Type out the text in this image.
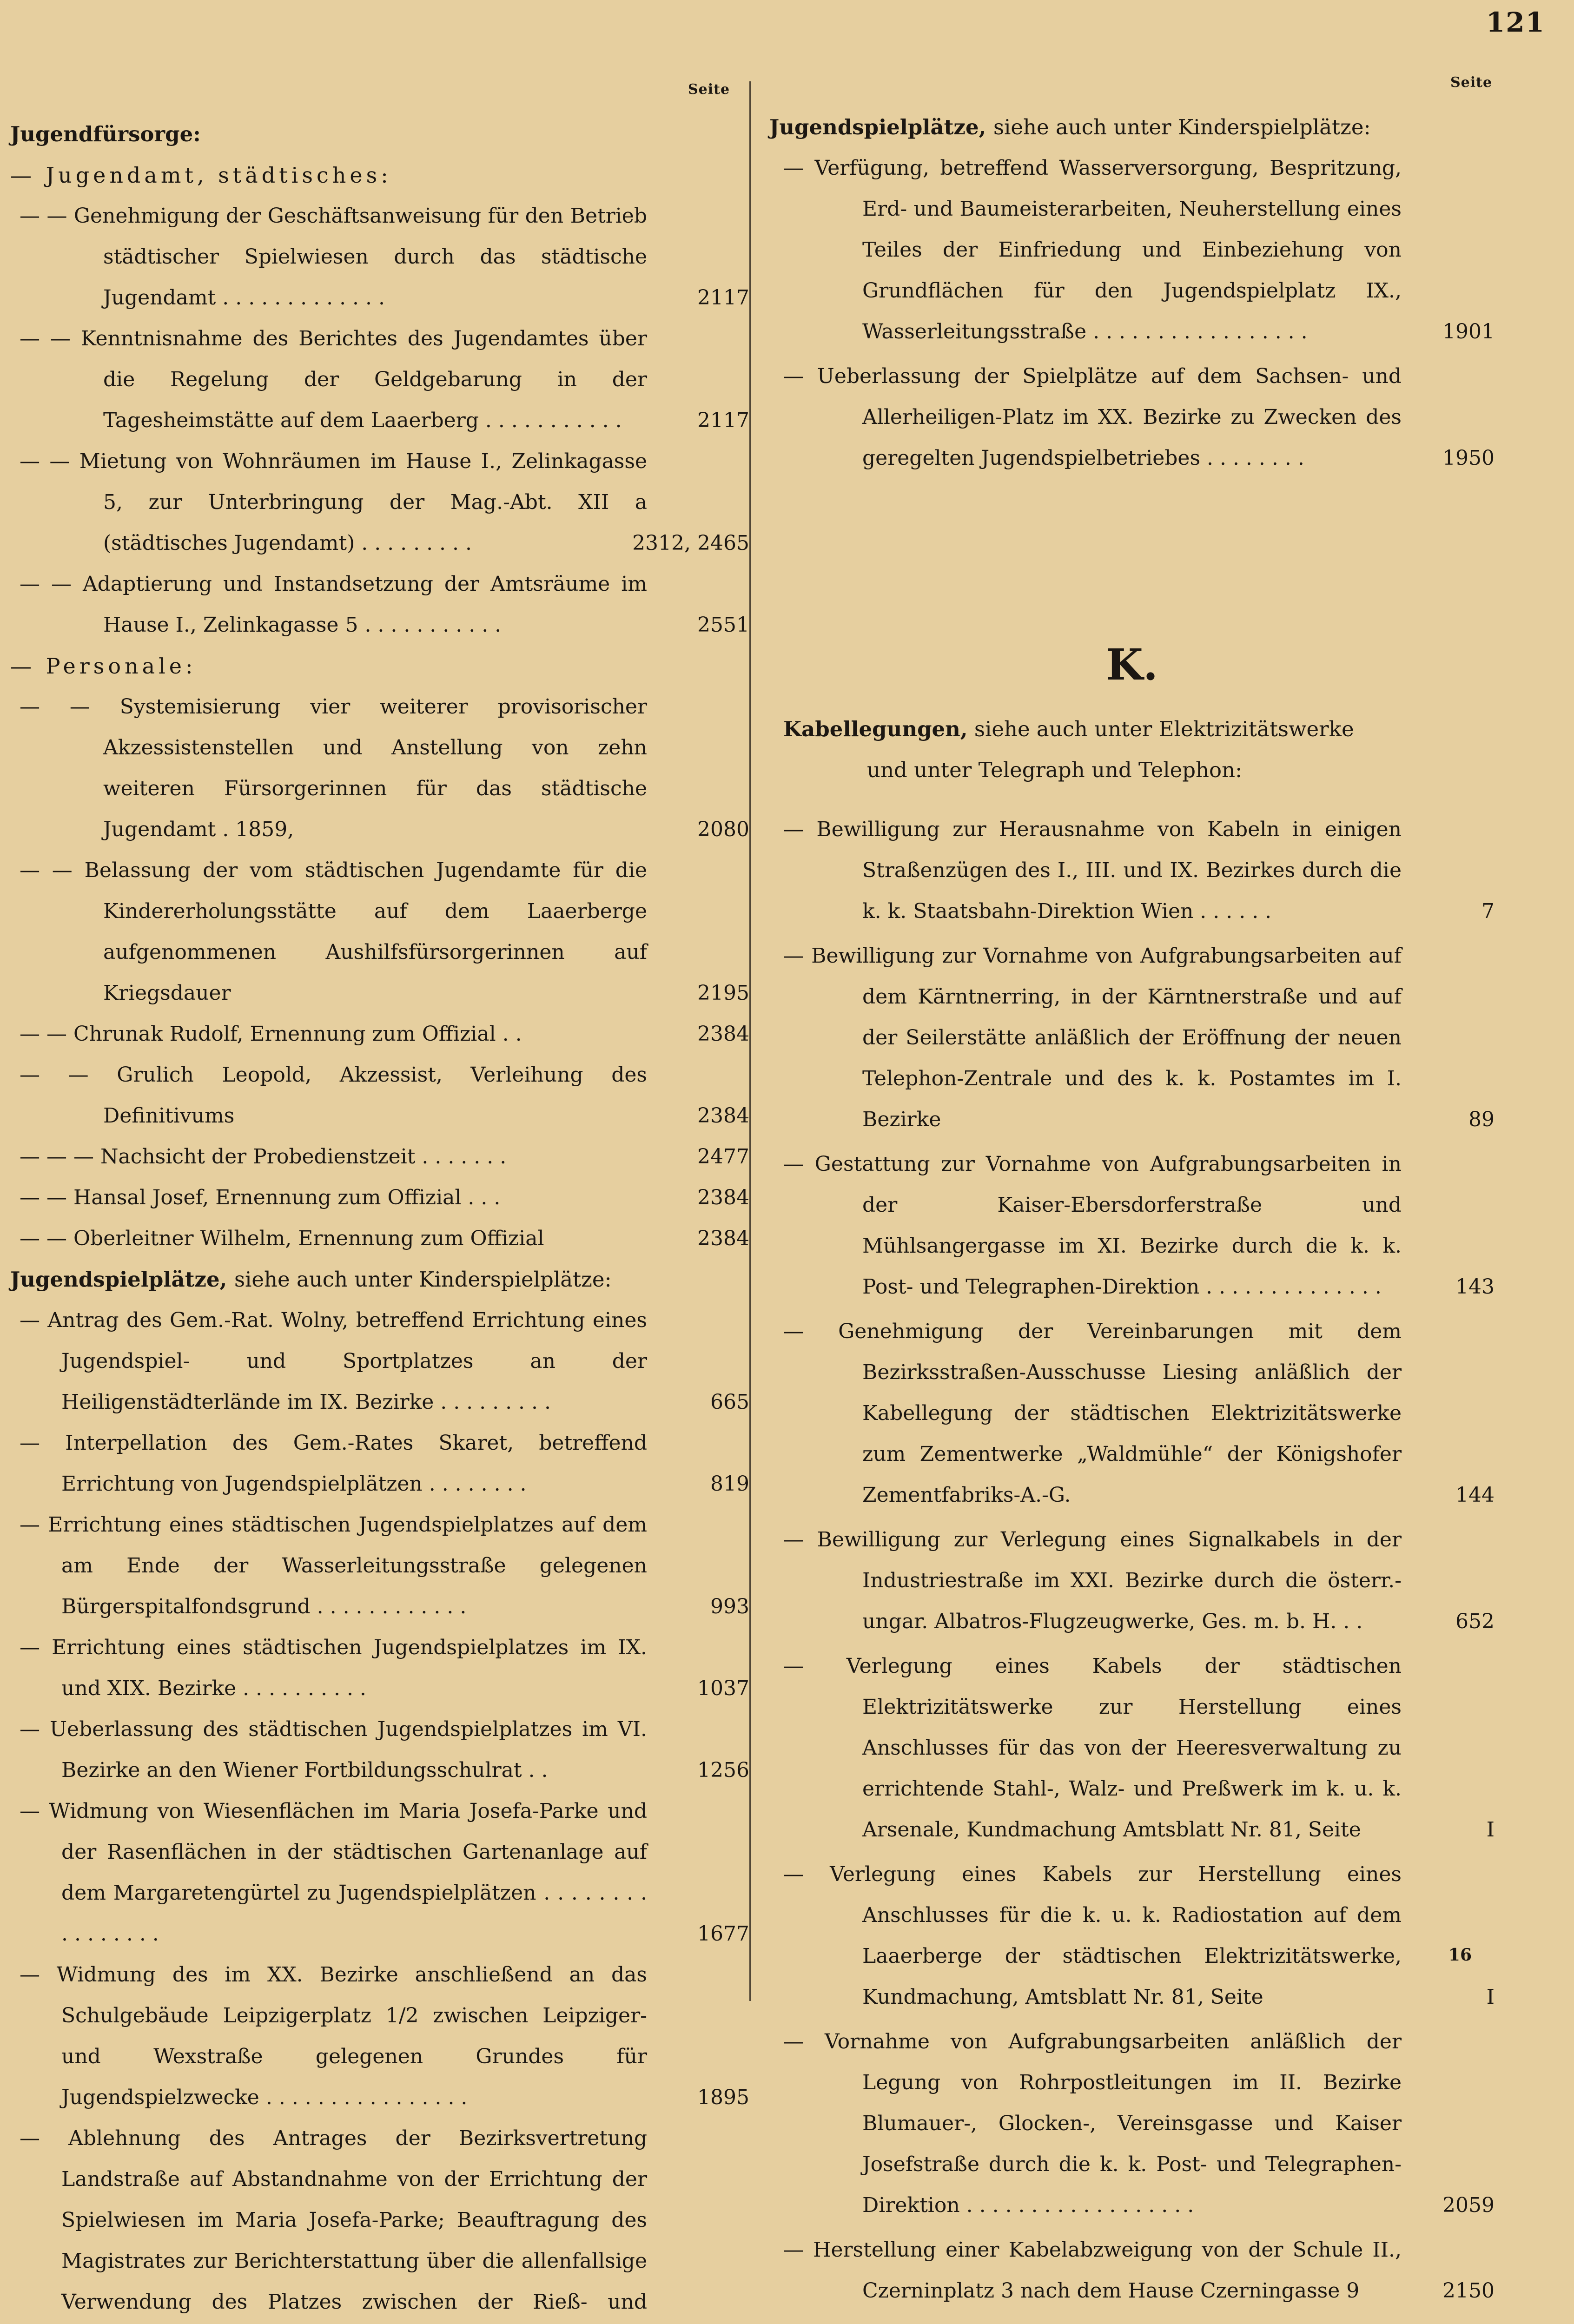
121
Seite	Seite

Jugendfürsorge:

— Jugendamt, städtisches:

— — Genehmigung der Geschäftsanweisung für den Betrieb städtischer Spielwiesen durch das städtische Jugendamt . . . . . . . . . . . . .	2117
— — Kenntnisnahme des Berichtes des Jugendamtes über die Regelung der Geldgebarung in der Tagesheimstätte auf dem Laaerberg . . . . . . . . . . .	2117
— — Mietung von Wohnräumen im Hause I., Zelinkagasse 5, zur Unterbringung der Mag.-Abt. XII a (städtisches Jugendamt) . . . . . . . . .	2312, 2465
— — Adaptierung und Instandsetzung der Amtsräume im Hause I., Zelinkagasse 5 . . . . . . . . . . .	2551

— Personale:

— — Systemisierung vier weiterer provisorischer Akzessistenstellen und Anstellung von zehn weiteren Fürsorgerinnen für das städtische Jugendamt . 1859,	2080
— — Belassung der vom städtischen Jugendamte für die Kindererholungsstätte auf dem Laaerberge aufgenommenen Aushilfsfürsorgerinnen auf Kriegsdauer	2195
— — Chrunak Rudolf, Ernennung zum Offizial . .	2384
— — Grulich Leopold, Akzessist, Verleihung des Definitivums	2384
— — — Nachsicht der Probedienstzeit . . . . . . .	2477
— — Hansal Josef, Ernennung zum Offizial . . .	2384
— — Oberleitner Wilhelm, Ernennung zum Offizial	2384

Jugendspielplätze, siehe auch unter Kinderspielplätze:

— Antrag des Gem.-Rat. Wolny, betreffend Errichtung eines Jugendspiel- und Sportplatzes an der Heiligenstädterlände im IX. Bezirke . . . . . . . . .	665
— Interpellation des Gem.-Rates Skaret, betreffend Errichtung von Jugendspielplätzen . . . . . . . .	819
— Errichtung eines städtischen Jugendspielplatzes auf dem am Ende der Wasserleitungsstraße gelegenen Bürgerspitalfondsgrund . . . . . . . . . . . .	993
— Errichtung eines städtischen Jugendspielplatzes im IX. und XIX. Bezirke . . . . . . . . . .	1037
— Ueberlassung des städtischen Jugendspielplatzes im VI. Bezirke an den Wiener Fortbildungsschulrat . .	1256
— Widmung von Wiesenflächen im Maria Josefa-Parke und der Rasenflächen in der städtischen Gartenanlage auf dem Margaretengürtel zu Jugendspielplätzen . . . . . . . . . . . . . . . .	1677
— Widmung des im XX. Bezirke anschließend an das Schulgebäude Leipzigerplatz 1/2 zwischen Leipziger- und Wexstraße gelegenen Grundes für Jugendspielzwecke . . . . . . . . . . . . . . . .	1895
— Ablehnung des Antrages der Bezirksvertretung Landstraße auf Abstandnahme von der Errichtung der Spielwiesen im Maria Josefa-Parke; Beauftragung des Magistrates zur Berichterstattung über die allenfallsige Verwendung des Platzes zwischen der Rieß- und

Jugendspielplätze, siehe auch unter Kinderspielplätze:

— Verfügung, betreffend Wasserversorgung, Bespritzung, Erd- und Baumeisterarbeiten, Neuherstellung eines Teiles der Einfriedung und Einbeziehung von Grundflächen für den Jugendspielplatz IX., Wasserleitungsstraße . . . . . . . . . . . . . . . . .	1901
— Ueberlassung der Spielplätze auf dem Sachsen- und Allerheiligen-Platz im XX. Bezirke zu Zwecken des geregelten Jugendspielbetriebes . . . . . . . .	1950
K.
Kabellegungen, siehe auch unter Elektrizitätswerke
und unter Telegraph und Telephon:
— Bewilligung zur Herausnahme von Kabeln in einigen Straßenzügen des I., III. und IX. Bezirkes durch die k. k. Staatsbahn-Direktion Wien . . . . . .	7
— Bewilligung zur Vornahme von Aufgrabungsarbeiten auf dem Kärntnerring, in der Kärntnerstraße und auf der Seilerstätte anläßlich der Eröffnung der neuen Telephon-Zentrale und des k. k. Postamtes im I. Bezirke	89
— Gestattung zur Vornahme von Aufgrabungsarbeiten in der Kaiser-Ebersdorferstraße und Mühlsangergasse im XI. Bezirke durch die k. k. Post- und Telegraphen-Direktion . . . . . . . . . . . . . .	143
— Genehmigung der Vereinbarungen mit dem Bezirksstraßen-Ausschusse Liesing anläßlich der Kabellegung der städtischen Elektrizitätswerke zum Zementwerke „Waldmühle“ der Königshofer Zementfabriks-A.-G.	144
— Bewilligung zur Verlegung eines Signalkabels in der Industriestraße im XXI. Bezirke durch die österr.-ungar. Albatros-Flugzeugwerke, Ges. m. b. H. . .	652
— Verlegung eines Kabels der städtischen Elektrizitätswerke zur Herstellung eines Anschlusses für das von der Heeresverwaltung zu errichtende Stahl-, Walz- und Preßwerk im k. u. k. Arsenale, Kundmachung Amtsblatt Nr. 81, Seite	I
— Verlegung eines Kabels zur Herstellung eines Anschlusses für die k. u. k. Radiostation auf dem Laaerberge der städtischen Elektrizitätswerke, Kundmachung, Amtsblatt Nr. 81, Seite	I
— Vornahme von Aufgrabungsarbeiten anläßlich der Legung von Rohrpostleitungen im II. Bezirke Blumauer-, Glocken-, Vereinsgasse und Kaiser Josefstraße durch die k. k. Post- und Telegraphen-Direktion . . . . . . . . . . . . . . . . . .	2059
— Herstellung einer Kabelabzweigung von der Schule II., Czerninplatz 3 nach dem Hause Czerningasse 9	2150
16
